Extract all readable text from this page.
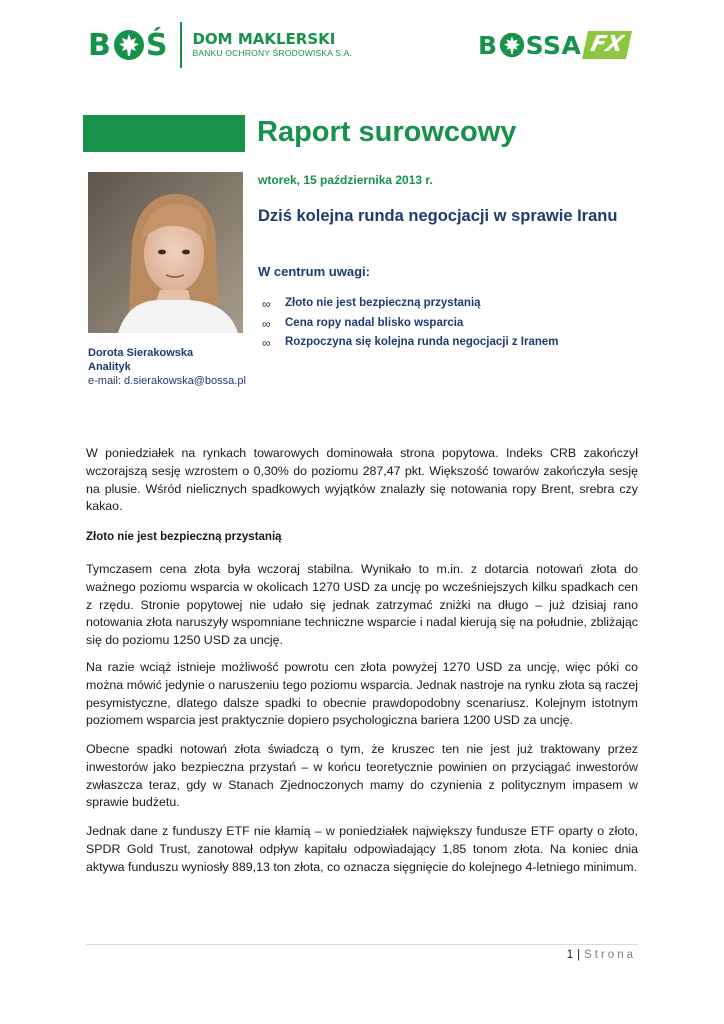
B Ś DOM MAKLERSKI
BANKU OCHRONY ŚRODOWISKA S.A.	B SSA FX
Raport surowcowy
Dorota Sierakowska
Analityk
e-mail: d.sierakowska@bossa.pl
wtorek, 15 października 2013 r.
Dziś kolejna runda negocjacji w sprawie Iranu
W centrum uwagi:
∞	Złoto nie jest bezpieczną przystanią
∞	Cena ropy nadal blisko wsparcia
∞	Rozpoczyna się kolejna runda negocjacji z Iranem

W poniedziałek na rynkach towarowych dominowała strona popytowa. Indeks CRB zakończył wczorajszą sesję wzrostem o 0,30% do poziomu 287,47 pkt. Większość towarów zakończyła sesję na plusie. Wśród nielicznych spadkowych wyjątków znalazły się notowania ropy Brent, srebra czy kakao.

Złoto nie jest bezpieczną przystanią

Tymczasem cena złota była wczoraj stabilna. Wynikało to m.in. z dotarcia notowań złota do ważnego poziomu wsparcia w okolicach 1270 USD za uncję po wcześniejszych kilku spadkach cen z rzędu. Stronie popytowej nie udało się jednak zatrzymać zniżki na długo – już dzisiaj rano notowania złota naruszyły wspomniane techniczne wsparcie i nadal kierują się na południe, zbliżając się do poziomu 1250 USD za uncję.

Na razie wciąż istnieje możliwość powrotu cen złota powyżej 1270 USD za uncję, więc póki co można mówić jedynie o naruszeniu tego poziomu wsparcia. Jednak nastroje na rynku złota są raczej pesymistyczne, dlatego dalsze spadki to obecnie prawdopodobny scenariusz. Kolejnym istotnym poziomem wsparcia jest praktycznie dopiero psychologiczna bariera 1200 USD za uncję.

Obecne spadki notowań złota świadczą o tym, że kruszec ten nie jest już traktowany przez inwestorów jako bezpieczna przystań – w końcu teoretycznie powinien on przyciągać inwestorów zwłaszcza teraz, gdy w Stanach Zjednoczonych mamy do czynienia z politycznym impasem w sprawie budżetu.

Jednak dane z funduszy ETF nie kłamią – w poniedziałek największy fundusze ETF oparty o złoto, SPDR Gold Trust, zanotował odpływ kapitału odpowiadający 1,85 tonom złota. Na koniec dnia aktywa funduszu wyniosły 889,13 ton złota, co oznacza sięgnięcie do kolejnego 4-letniego minimum.

1 | Strona
